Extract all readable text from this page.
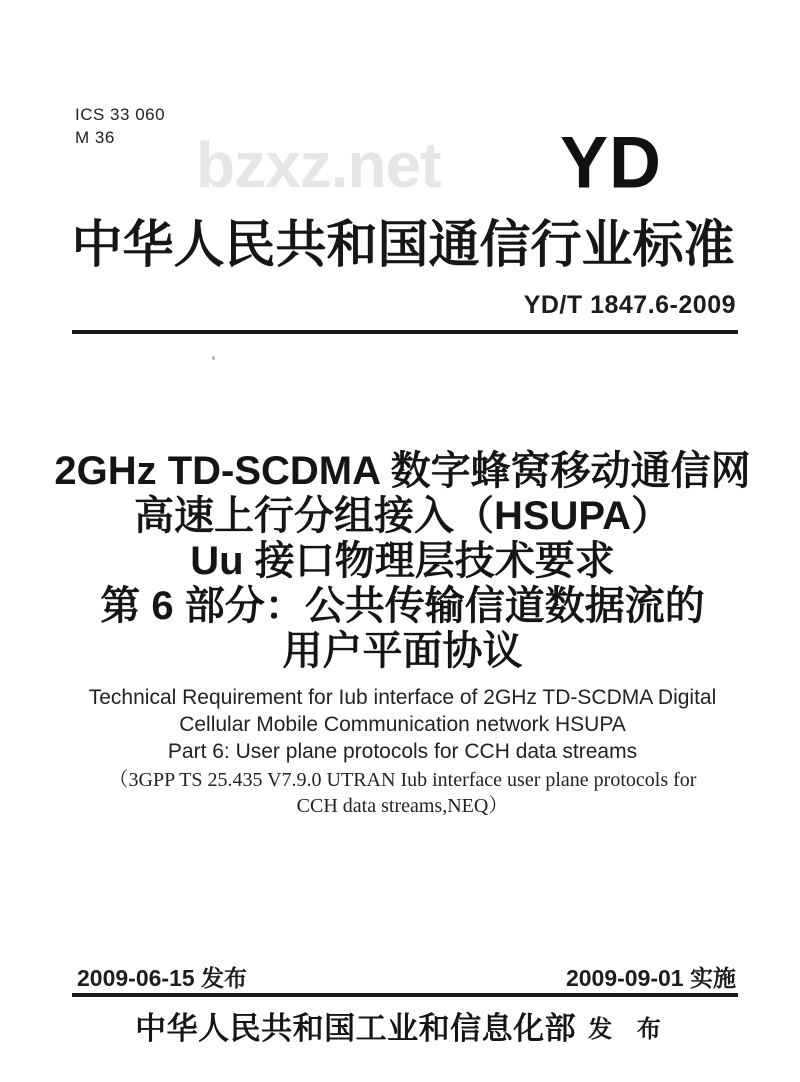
ICS 33 060
M 36	bzxz.net YD
中华人民共和国通信行业标准
YD/T 1847.6-2009
2GHz TD-SCDMA 数字蜂窝移动通信网
高速上行分组接入（HSUPA）
Uu 接口物理层技术要求
第 6 部分：公共传输信道数据流的
用户平面协议
Technical Requirement for Iub interface of 2GHz TD-SCDMA Digital
Cellular Mobile Communication network HSUPA
Part 6: User plane protocols for CCH data streams
（3GPP TS 25.435 V7.9.0 UTRAN Iub interface user plane protocols for
CCH data streams,NEQ）
2009-06-15 发布	2009-09-01 实施
中华人民共和国工业和信息化部 发 布
